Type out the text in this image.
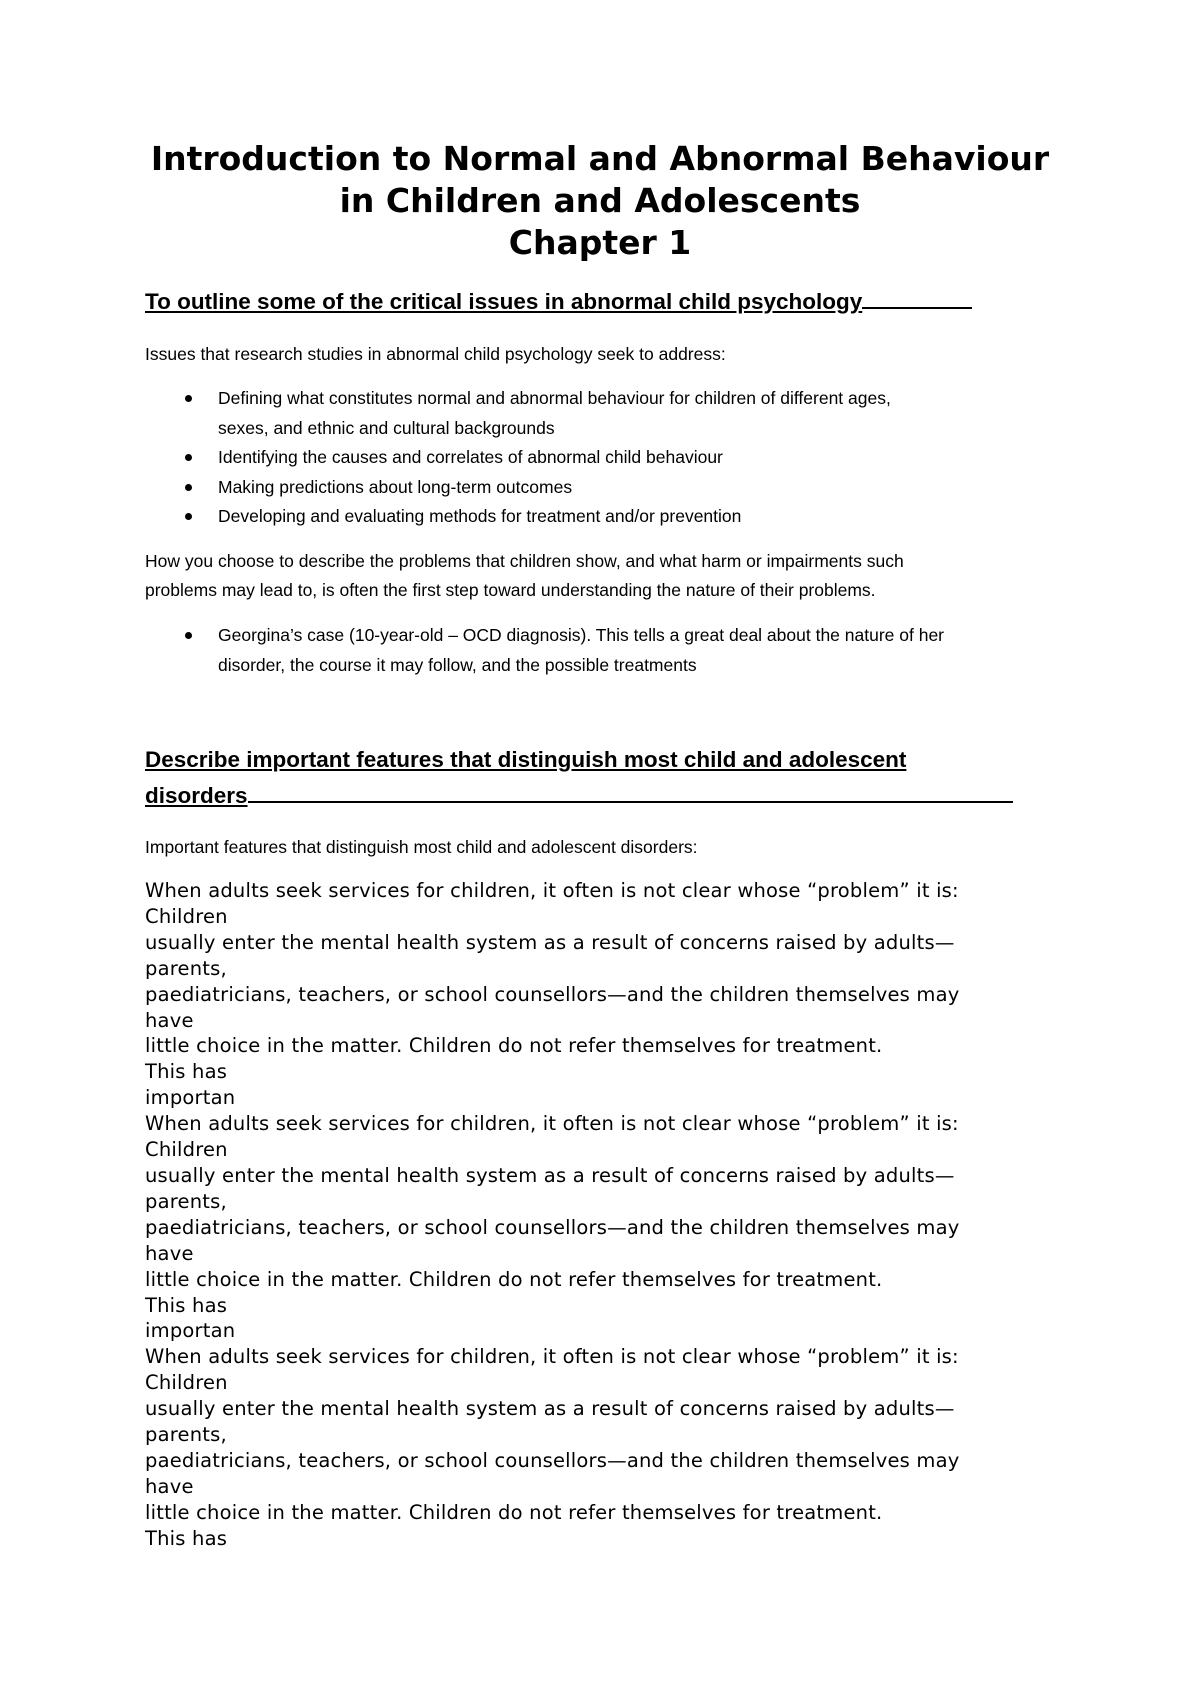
Introduction to Normal and Abnormal Behaviour
in Children and Adolescents
Chapter 1
To outline some of the critical issues in abnormal child psychology
Issues that research studies in abnormal child psychology seek to address:
Defining what constitutes normal and abnormal behaviour for children of different ages,
sexes, and ethnic and cultural backgrounds
Identifying the causes and correlates of abnormal child behaviour
Making predictions about long-term outcomes
Developing and evaluating methods for treatment and/or prevention
How you choose to describe the problems that children show, and what harm or impairments such
problems may lead to, is often the first step toward understanding the nature of their problems.
Georgina’s case (10-year-old – OCD diagnosis). This tells a great deal about the nature of her
disorder, the course it may follow, and the possible treatments
Describe important features that distinguish most child and adolescent
disorders
Important features that distinguish most child and adolescent disorders:
When adults seek services for children, it often is not clear whose “problem” it is:
Children
usually enter the mental health system as a result of concerns raised by adults—
parents,
paediatricians, teachers, or school counsellors—and the children themselves may
have
little choice in the matter. Children do not refer themselves for treatment.
This has
importan
When adults seek services for children, it often is not clear whose “problem” it is:
Children
usually enter the mental health system as a result of concerns raised by adults—
parents,
paediatricians, teachers, or school counsellors—and the children themselves may
have
little choice in the matter. Children do not refer themselves for treatment.
This has
importan
When adults seek services for children, it often is not clear whose “problem” it is:
Children
usually enter the mental health system as a result of concerns raised by adults—
parents,
paediatricians, teachers, or school counsellors—and the children themselves may
have
little choice in the matter. Children do not refer themselves for treatment.
This has
